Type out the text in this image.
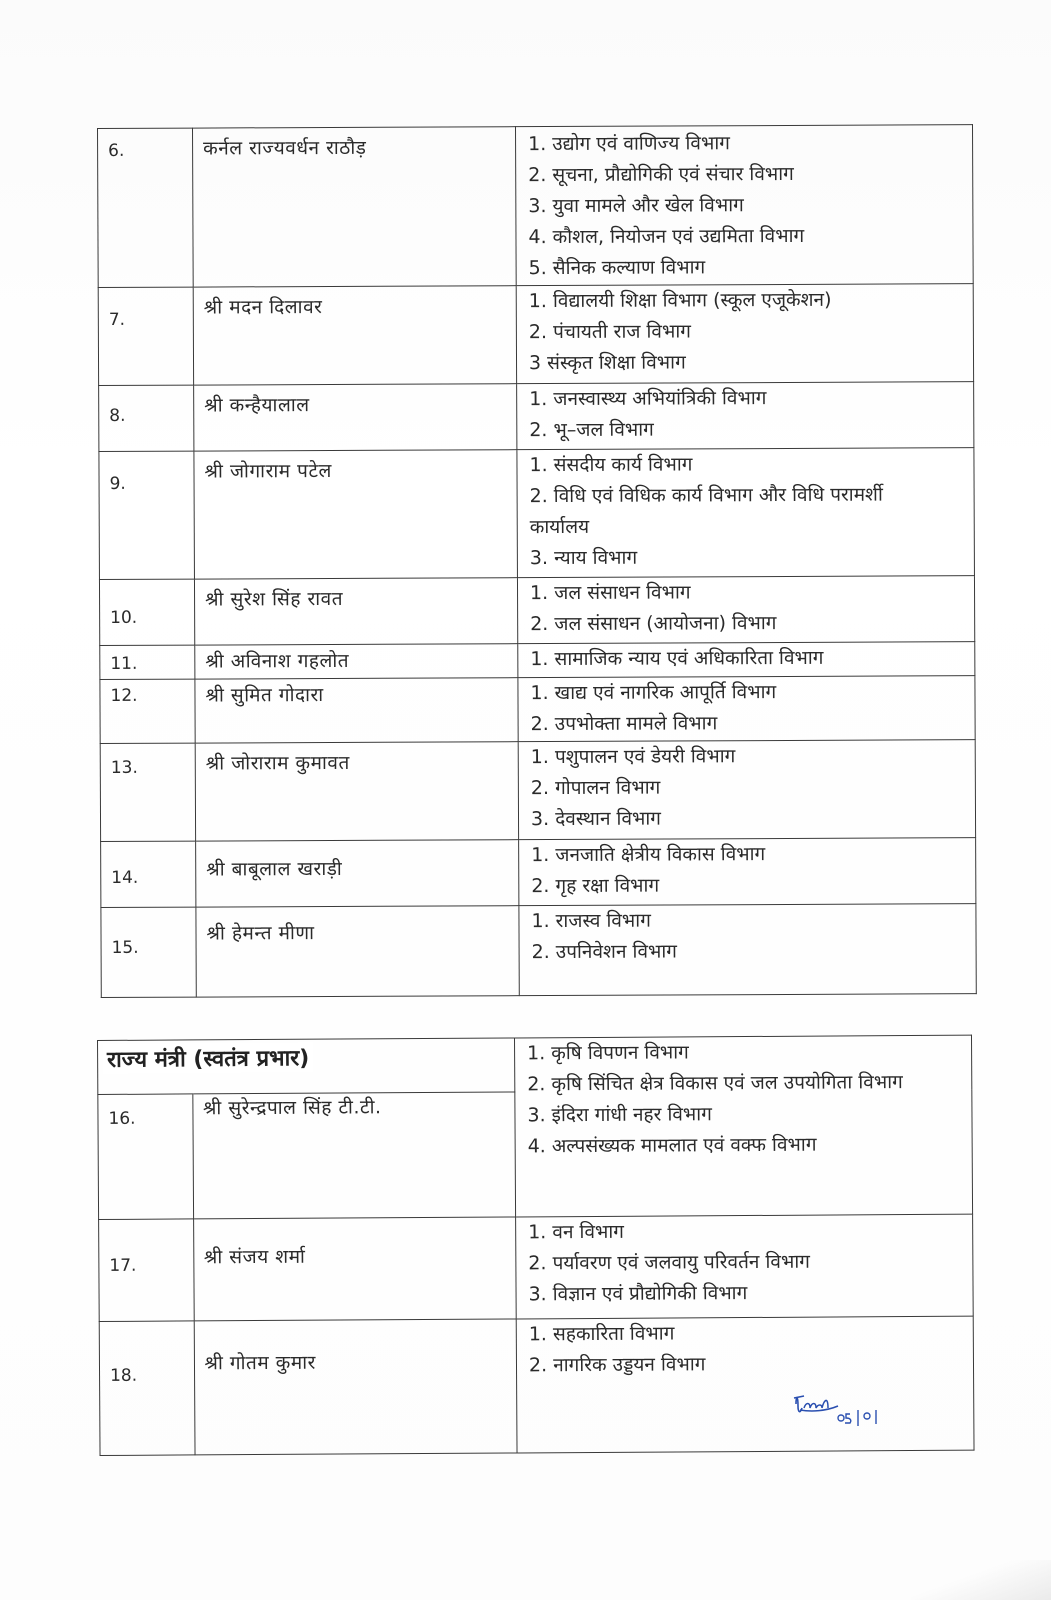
6.	कर्नल राज्यवर्धन राठौड़	1. उद्योग एवं वाणिज्य विभाग
2. सूचना, प्रौद्योगिकी एवं संचार विभाग
3. युवा मामले और खेल विभाग
4. कौशल, नियोजन एवं उद्यमिता विभाग
5. सैनिक कल्याण विभाग

7.	श्री मदन दिलावर	1. विद्यालयी शिक्षा विभाग (स्कूल एजूकेशन)
2. पंचायती राज विभाग
3 संस्कृत शिक्षा विभाग

8.	श्री कन्हैयालाल	1. जनस्वास्थ्य अभियांत्रिकी विभाग
2. भू–जल विभाग

9.	श्री जोगाराम पटेल	1. संसदीय कार्य विभाग
2. विधि एवं विधिक कार्य विभाग और विधि परामर्शी कार्यालय
3. न्याय विभाग

10.	श्री सुरेश सिंह रावत	1. जल संसाधन विभाग
2. जल संसाधन (आयोजना) विभाग

11.	श्री अविनाश गहलोत	1. सामाजिक न्याय एवं अधिकारिता विभाग

12.	श्री सुमित गोदारा	1. खाद्य एवं नागरिक आपूर्ति विभाग
2. उपभोक्ता मामले विभाग

13.	श्री जोराराम कुमावत	1. पशुपालन एवं डेयरी विभाग
2. गोपालन विभाग
3. देवस्थान विभाग

14.	श्री बाबूलाल खराड़ी	1. जनजाति क्षेत्रीय विकास विभाग
2. गृह रक्षा विभाग

15.	श्री हेमन्त मीणा	1. राजस्व विभाग
2. उपनिवेशन विभाग
राज्य मंत्री (स्वतंत्र प्रभार)

16.	श्री सुरेन्द्रपाल सिंह टी.टी.	1. कृषि विपणन विभाग
2. कृषि सिंचित क्षेत्र विकास एवं जल उपयोगिता विभाग
3. इंदिरा गांधी नहर विभाग
4. अल्पसंख्यक मामलात एवं वक्फ विभाग

17.	श्री संजय शर्मा	1. वन विभाग
2. पर्यावरण एवं जलवायु परिवर्तन विभाग
3. विज्ञान एवं प्रौद्योगिकी विभाग

18.	श्री गोतम कुमार	1. सहकारिता विभाग
2. नागरिक उड्डयन विभाग
